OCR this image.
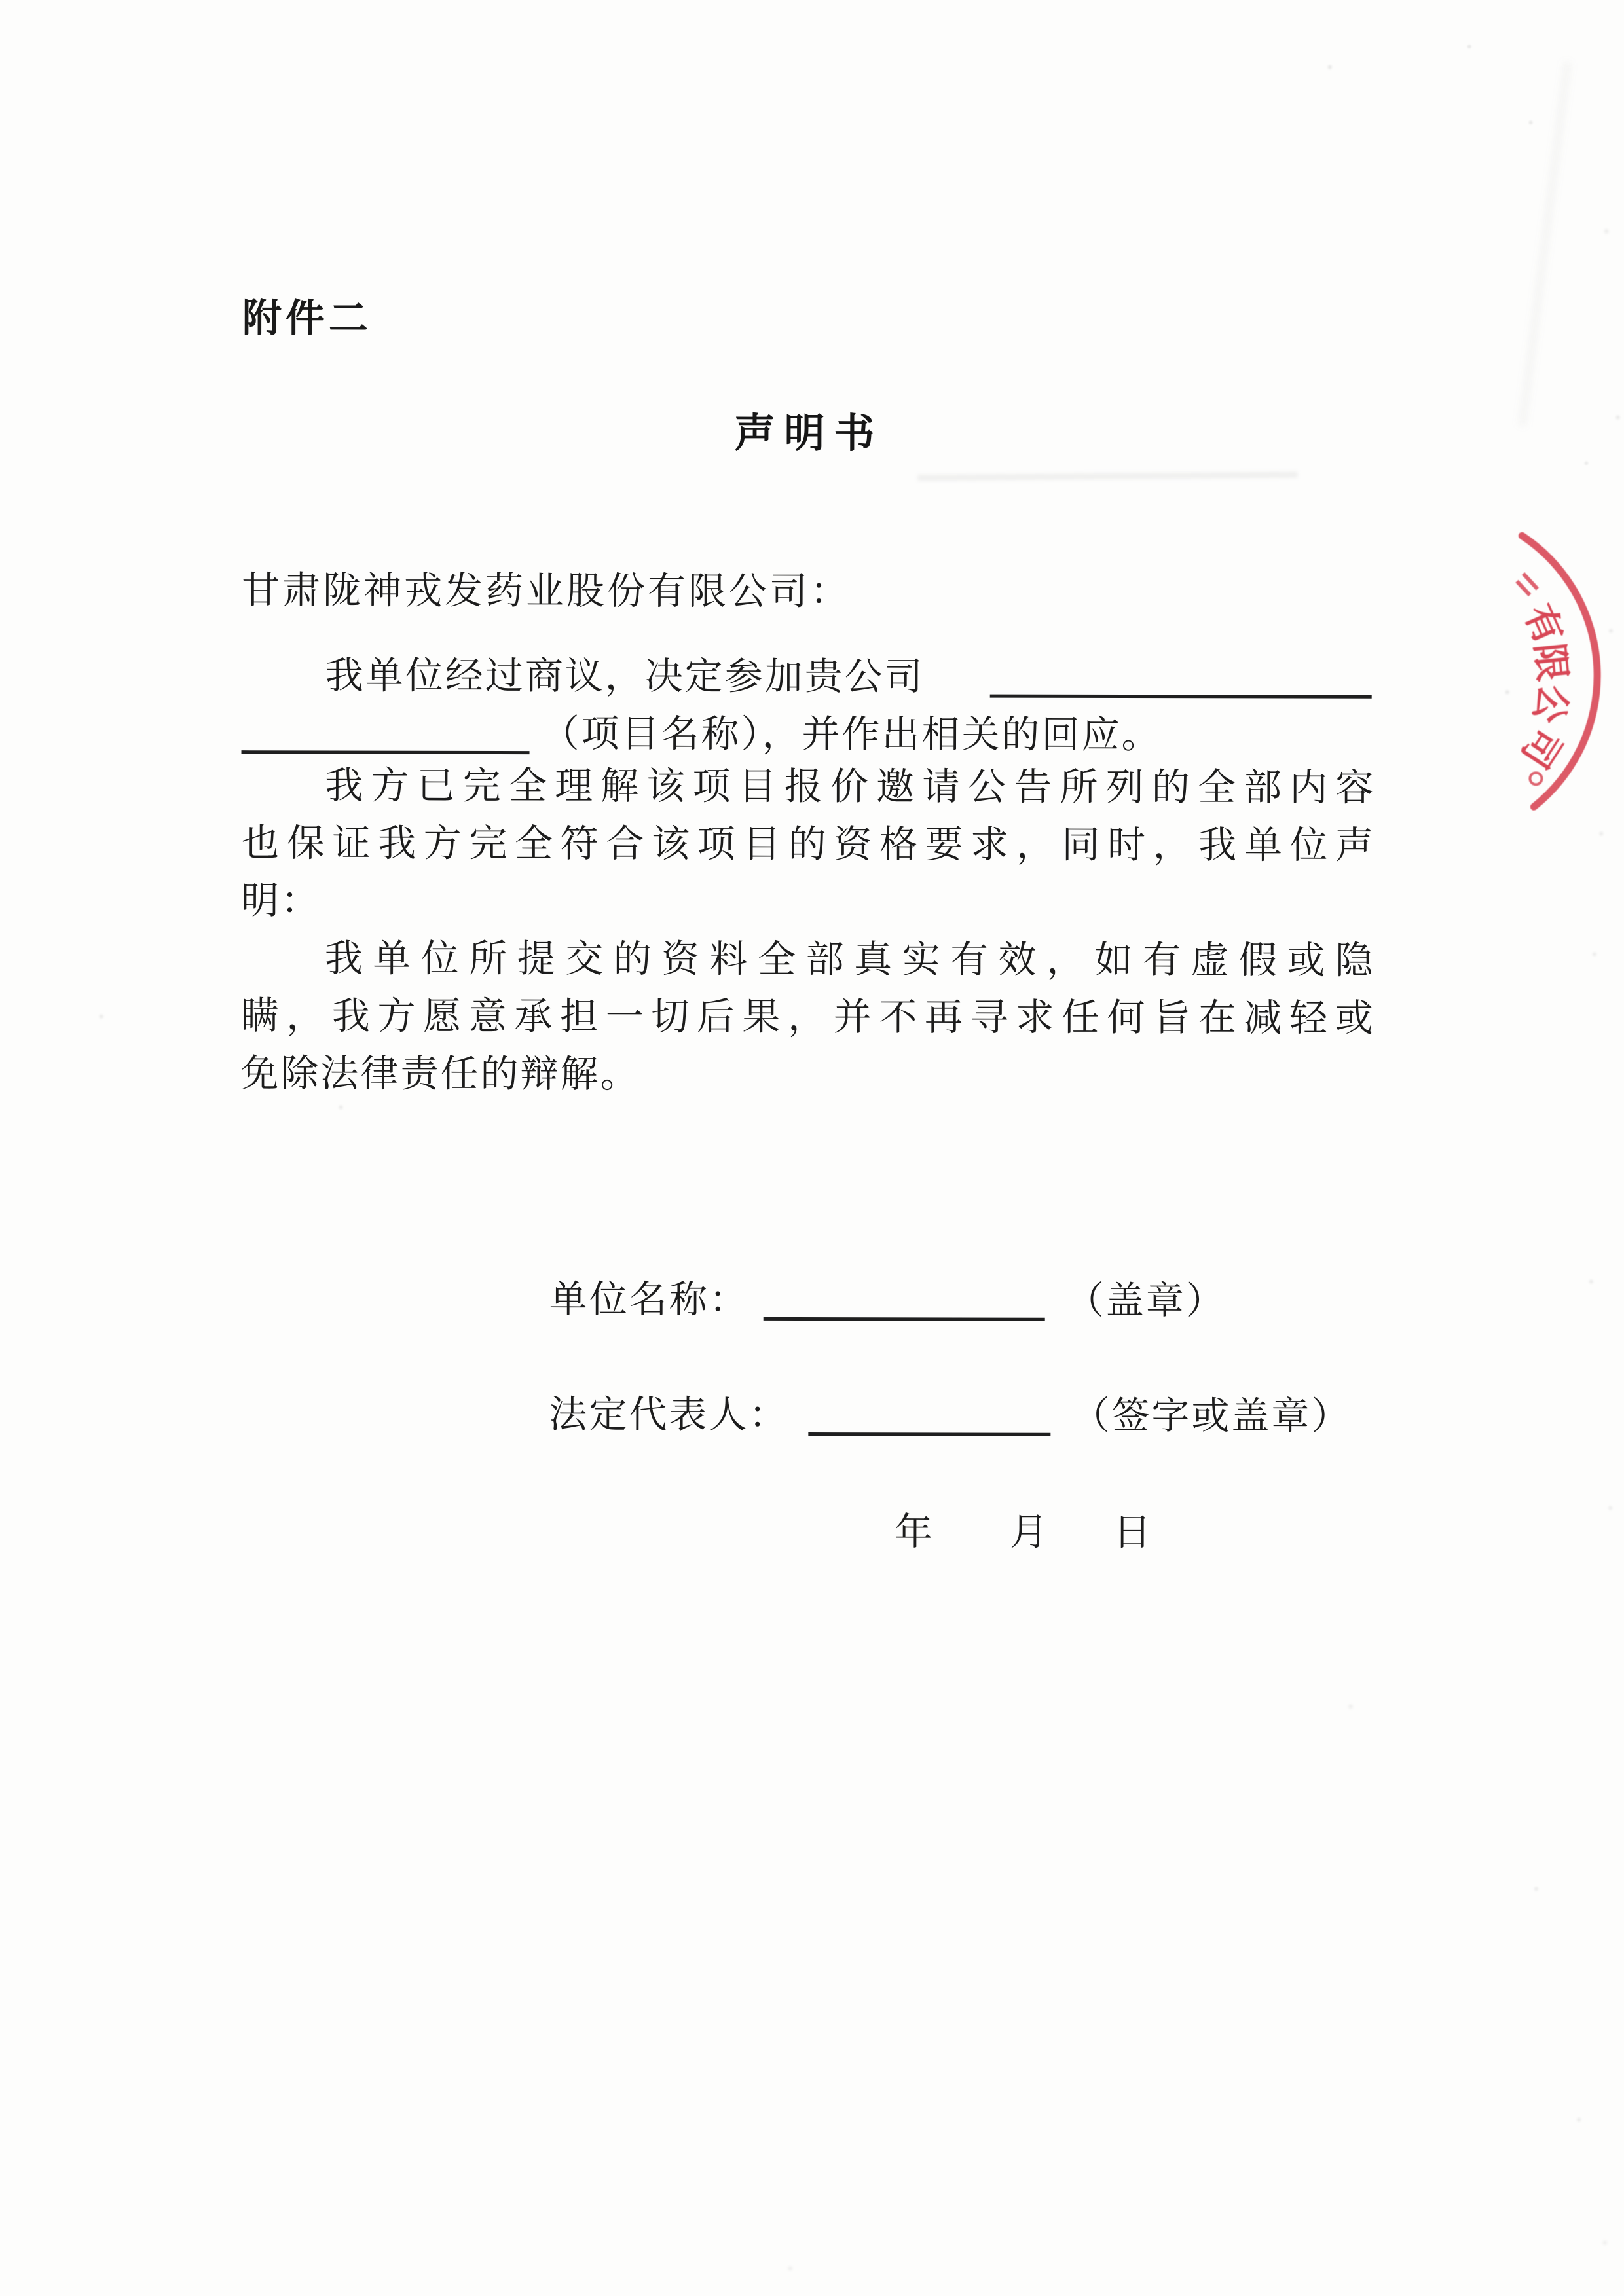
附件二
声明书
甘肃陇神戎发药业股份有限公司：
我单位经过商议，决定参加贵公司
（项目名称），并作出相关的回应。
我方已完全理解该项目报价邀请公告所列的全部内容
也保证我方完全符合该项目的资格要求，同时，我单位声
明：
我单位所提交的资料全部真实有效，如有虚假或隐
瞒，我方愿意承担一切后果，并不再寻求任何旨在减轻或
免除法律责任的辩解。
单位名称：	（盖章）
法定代表人：	（签字或盖章）
年 月 日
有
限
公
司
